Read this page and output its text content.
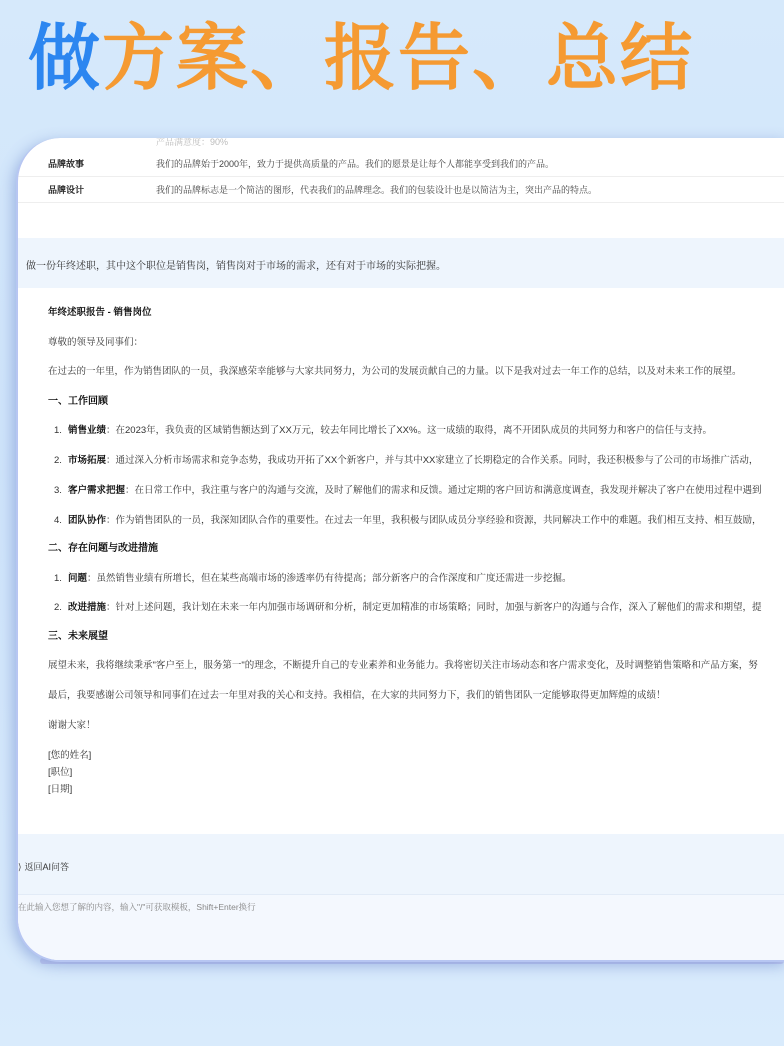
做方案、报告、总结
产品满意度：90%
品牌故事	我们的品牌始于2000年，致力于提供高质量的产品。我们的愿景是让每个人都能享受到我们的产品。
品牌设计	我们的品牌标志是一个简洁的图形，代表我们的品牌理念。我们的包装设计也是以简洁为主，突出产品的特点。
做一份年终述职，其中这个职位是销售岗，销售岗对于市场的需求，还有对于市场的实际把握。
年终述职报告 - 销售岗位
尊敬的领导及同事们：
在过去的一年里，作为销售团队的一员，我深感荣幸能够与大家共同努力，为公司的发展贡献自己的力量。以下是我对过去一年工作的总结，以及对未来工作的展望。
一、工作回顾
1. 销售业绩：在2023年，我负责的区域销售额达到了XX万元，较去年同比增长了XX%。这一成绩的取得，离不开团队成员的共同努力和客户的信任与支持。
2. 市场拓展：通过深入分析市场需求和竞争态势，我成功开拓了XX个新客户，并与其中XX家建立了长期稳定的合作关系。同时，我还积极参与了公司的市场推广活动，
3. 客户需求把握：在日常工作中，我注重与客户的沟通与交流，及时了解他们的需求和反馈。通过定期的客户回访和满意度调查，我发现并解决了客户在使用过程中遇到
4. 团队协作：作为销售团队的一员，我深知团队合作的重要性。在过去一年里，我积极与团队成员分享经验和资源，共同解决工作中的难题。我们相互支持、相互鼓励，
二、存在问题与改进措施
1. 问题：虽然销售业绩有所增长，但在某些高端市场的渗透率仍有待提高；部分新客户的合作深度和广度还需进一步挖掘。
2. 改进措施：针对上述问题，我计划在未来一年内加强市场调研和分析，制定更加精准的市场策略；同时，加强与新客户的沟通与合作，深入了解他们的需求和期望，提
三、未来展望
展望未来，我将继续秉承"客户至上，服务第一"的理念，不断提升自己的专业素养和业务能力。我将密切关注市场动态和客户需求变化，及时调整销售策略和产品方案，努
最后，我要感谢公司领导和同事们在过去一年里对我的关心和支持。我相信，在大家的共同努力下，我们的销售团队一定能够取得更加辉煌的成绩！
谢谢大家！
[您的姓名]
[职位]
[日期]
⟩ 返回AI问答
在此输入您想了解的内容，输入"/"可获取模板，Shift+Enter换行
